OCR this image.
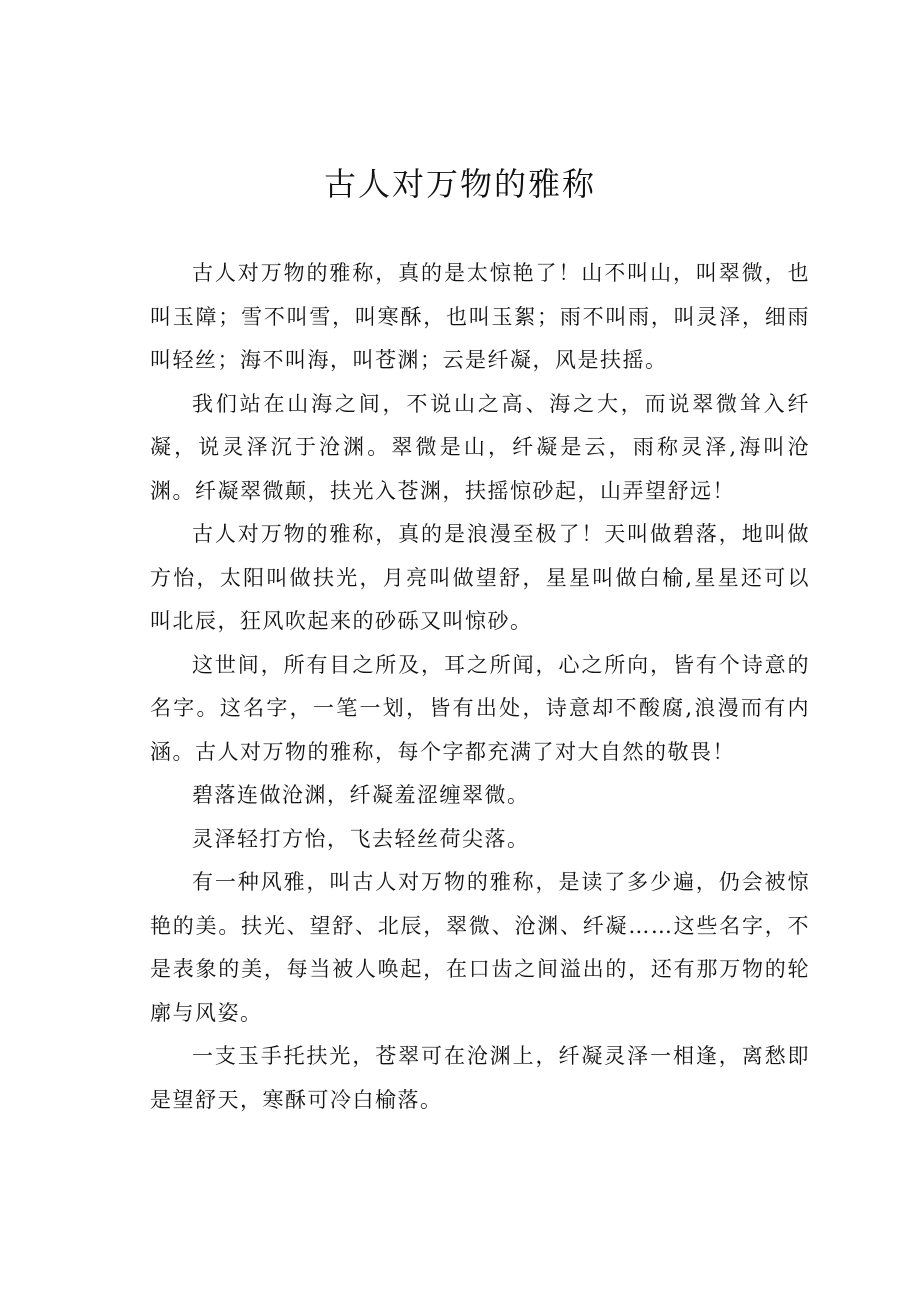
古人对万物的雅称

古人对万物的雅称，真的是太惊艳了！山不叫山，叫翠微，也叫玉障；雪不叫雪，叫寒酥，也叫玉絮；雨不叫雨，叫灵泽，细雨叫轻丝；海不叫海，叫苍渊；云是纤凝，风是扶摇。

我们站在山海之间，不说山之高、海之大，而说翠微耸入纤凝，说灵泽沉于沧渊。翠微是山，纤凝是云，雨称灵泽,海叫沧渊。纤凝翠微颠，扶光入苍渊，扶摇惊砂起，山弄望舒远！

古人对万物的雅称，真的是浪漫至极了！天叫做碧落，地叫做方怡，太阳叫做扶光，月亮叫做望舒，星星叫做白榆,星星还可以叫北辰，狂风吹起来的砂砾又叫惊砂。

这世间，所有目之所及，耳之所闻，心之所向，皆有个诗意的名字。这名字，一笔一划，皆有出处，诗意却不酸腐,浪漫而有内涵。古人对万物的雅称，每个字都充满了对大自然的敬畏！

碧落连做沧渊，纤凝羞涩缠翠微。

灵泽轻打方怡，飞去轻丝荷尖落。

有一种风雅，叫古人对万物的雅称，是读了多少遍，仍会被惊艳的美。扶光、望舒、北辰，翠微、沧渊、纤凝……这些名字，不是表象的美，每当被人唤起，在口齿之间溢出的，还有那万物的轮廓与风姿。

一支玉手托扶光，苍翠可在沧渊上，纤凝灵泽一相逢，离愁即是望舒天，寒酥可冷白榆落。
